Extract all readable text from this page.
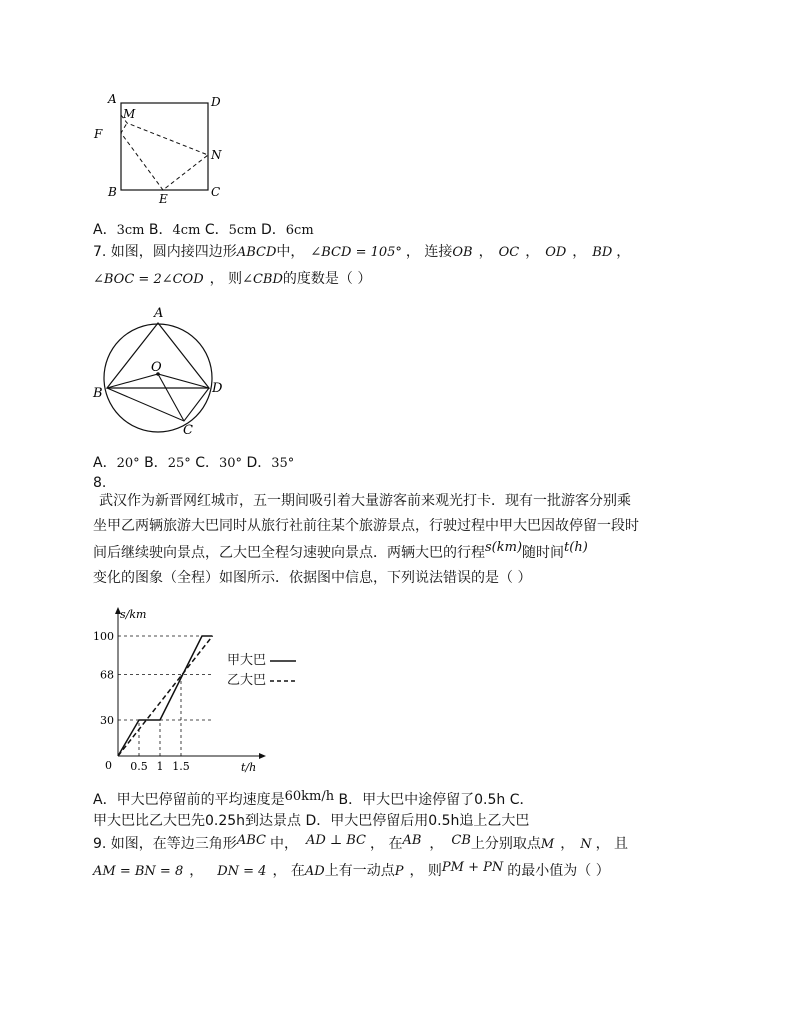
A	D
M
F
N
B	E	C
A．3cm B．4cm C．5cm D．6cm
7. 如图，圆内接四边形ABCD中， ∠BCD = 105° ， 连接OB ， OC ， OD ， BD ，
∠BOC = 2∠COD ， 则∠CBD的度数是（ ）
A
O
B	D
C
A．20° B．25° C．30° D．35°
8.
武汉作为新晋网红城市，五一期间吸引着大量游客前来观光打卡．现有一批游客分别乘
坐甲乙两辆旅游大巴同时从旅行社前往某个旅游景点，行驶过程中甲大巴因故停留一段时
间后继续驶向景点，乙大巴全程匀速驶向景点．两辆大巴的行程s(km)随时间t(h)
变化的图象（全程）如图所示．依据图中信息，下列说法错误的是（ ）
s/km
t/h
0
30
68
100
0.5 1 1.5
甲大巴
乙大巴
A．甲大巴停留前的平均速度是60km/h B．甲大巴中途停留了0.5h C．
甲大巴比乙大巴先0.25h到达景点 D．甲大巴停留后用0.5h追上乙大巴
9. 如图，在等边三角形ABC 中， AD ⊥ BC ， 在AB ， CB上分别取点M ， N ， 且
AM = BN = 8 ， DN = 4 ， 在AD上有一动点P ， 则PM + PN 的最小值为（ ）
